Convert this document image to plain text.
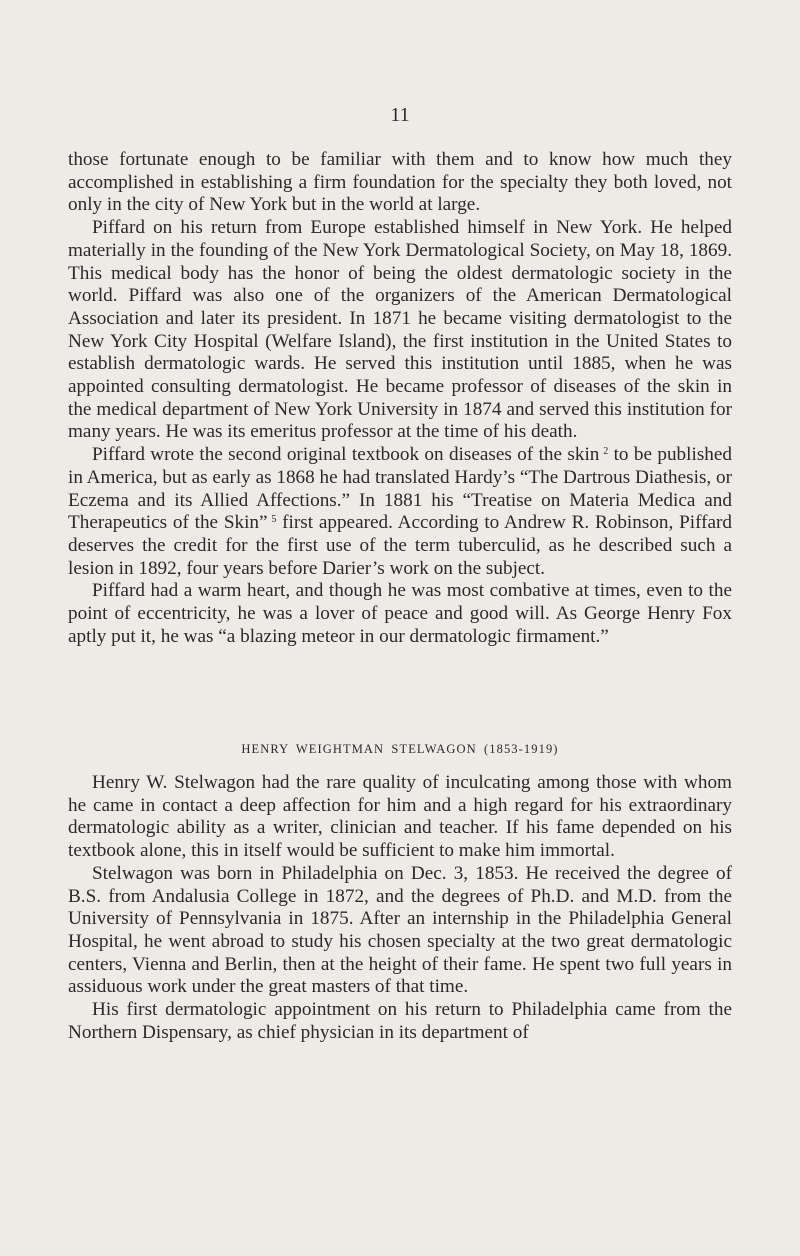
11

those fortunate enough to be familiar with them and to know how much they accomplished in establishing a firm foundation for the specialty they both loved, not only in the city of New York but in the world at large.

Piffard on his return from Europe established himself in New York. He helped materially in the founding of the New York Dermatological Society, on May 18, 1869. This medical body has the honor of being the oldest dermatologic society in the world. Piffard was also one of the organizers of the American Dermatological Association and later its president. In 1871 he became visiting dermatologist to the New York City Hospital (Welfare Island), the first institution in the United States to establish dermatologic wards. He served this institution until 1885, when he was appointed consulting dermatologist. He became professor of diseases of the skin in the medical department of New York University in 1874 and served this institution for many years. He was its emeritus professor at the time of his death.

Piffard wrote the second original textbook on diseases of the skin  $^2$ to be published in America, but as early as 1868 he had translated Hardy’s “The Dartrous Diathesis, or Eczema and its Allied Affections.” In 1881 his “Treatise on Materia Medica and Therapeutics of the Skin”  $^5$ first appeared. According to Andrew R. Robinson, Piffard deserves the credit for the first use of the term tuberculid, as he described such a lesion in 1892, four years before Darier’s work on the subject.

Piffard had a warm heart, and though he was most combative at times, even to the point of eccentricity, he was a lover of peace and good will. As George Henry Fox aptly put it, he was “a blazing meteor in our dermatologic firmament.”

HENRY WEIGHTMAN STELWAGON (1853-1919)

Henry W. Stelwagon had the rare quality of inculcating among those with whom he came in contact a deep affection for him and a high regard for his extraordinary dermatologic ability as a writer, clinician and teacher. If his fame depended on his textbook alone, this in itself would be sufficient to make him immortal.

Stelwagon was born in Philadelphia on Dec. 3, 1853. He received the degree of B.S. from Andalusia College in 1872, and the degrees of Ph.D. and M.D. from the University of Pennsylvania in 1875. After an internship in the Philadelphia General Hospital, he went abroad to study his chosen specialty at the two great dermatologic centers, Vienna and Berlin, then at the height of their fame. He spent two full years in assiduous work under the great masters of that time.

His first dermatologic appointment on his return to Philadelphia came from the Northern Dispensary, as chief physician in its department of
